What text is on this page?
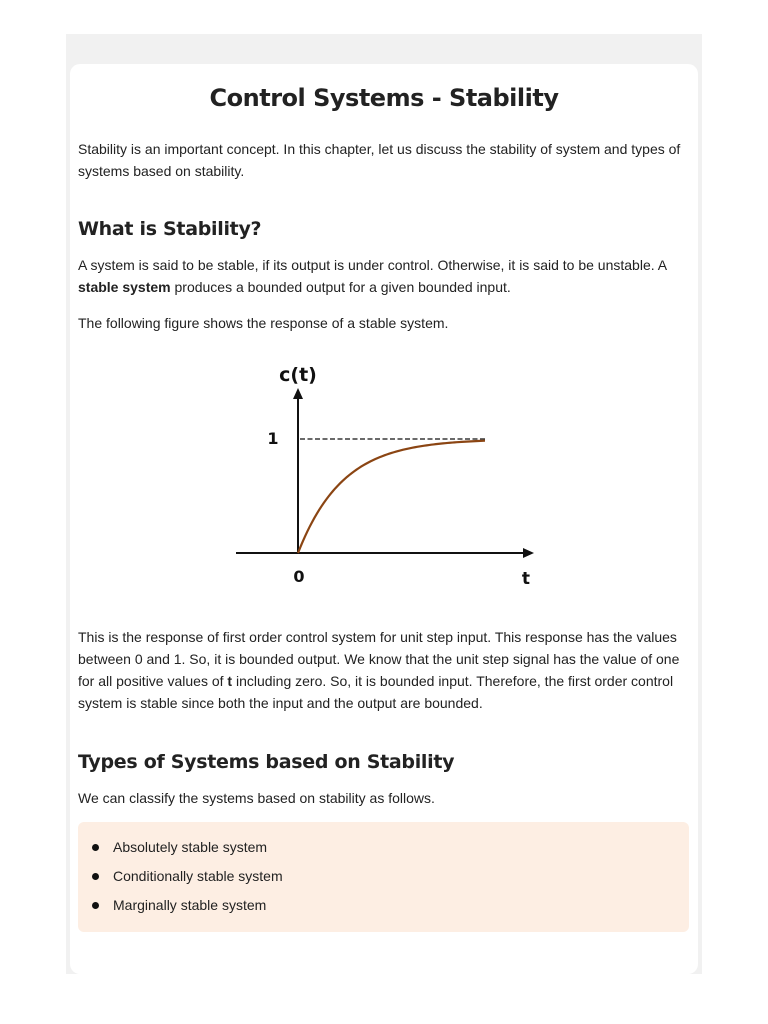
Control Systems - Stability

Stability is an important concept. In this chapter, let us discuss the stability of system and types of systems based on stability.

What is Stability?

A system is said to be stable, if its output is under control. Otherwise, it is said to be unstable. A stable system produces a bounded output for a given bounded input.

The following figure shows the response of a stable system.

c(t)
1
0	t

This is the response of first order control system for unit step input. This response has the values between 0 and 1. So, it is bounded output. We know that the unit step signal has the value of one for all positive values of t including zero. So, it is bounded input. Therefore, the first order control system is stable since both the input and the output are bounded.

Types of Systems based on Stability

We can classify the systems based on stability as follows.

Absolutely stable system
Conditionally stable system
Marginally stable system
